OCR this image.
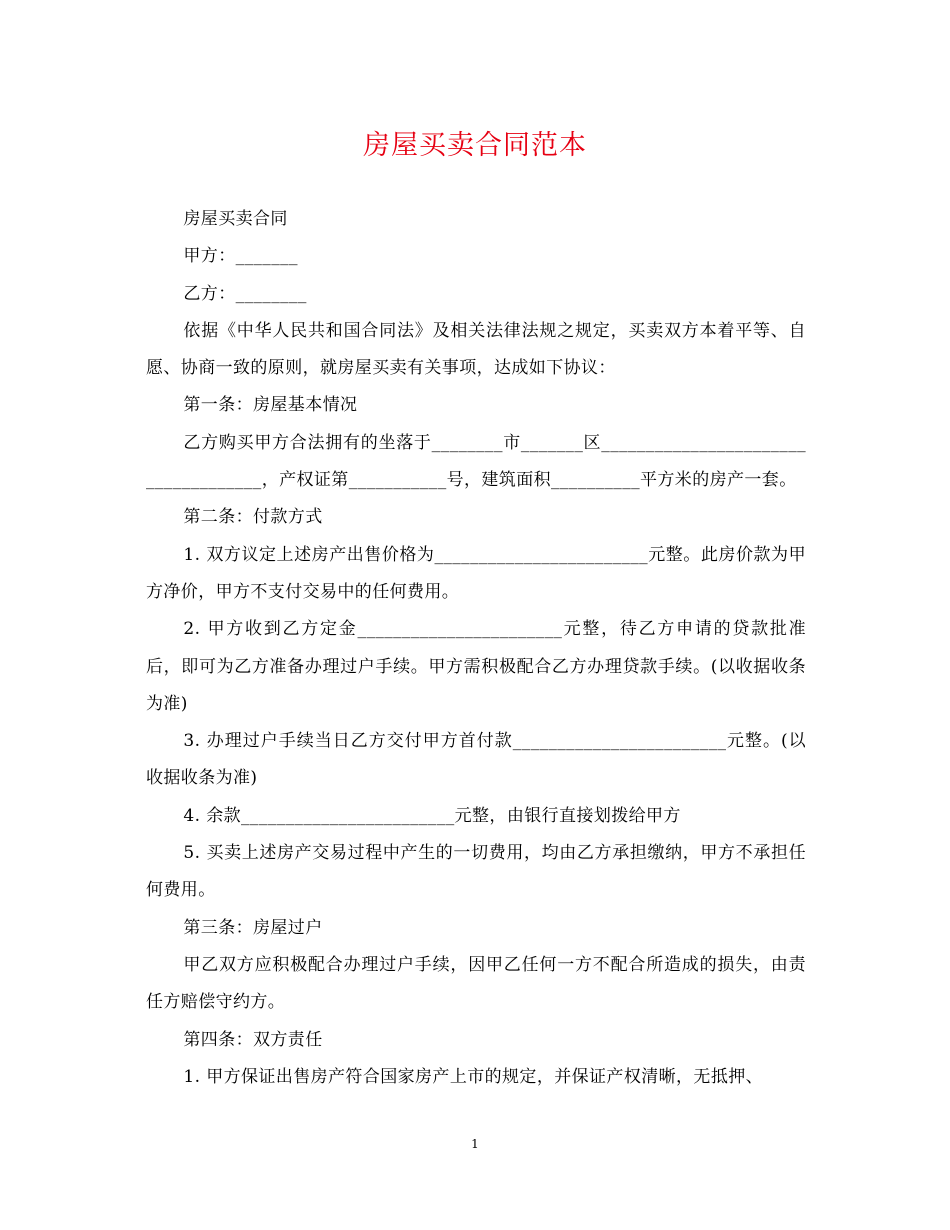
房屋买卖合同范本

房屋买卖合同

甲方：_______

乙方：________

依据《中华人民共和国合同法》及相关法律法规之规定，买卖双方本着平等、自愿、协商一致的原则，就房屋买卖有关事项，达成如下协议：

第一条：房屋基本情况

乙方购买甲方合法拥有的坐落于________市_______区____________________________________，产权证第___________号，建筑面积__________平方米的房产一套。

第二条：付款方式

1. 双方议定上述房产出售价格为________________________元整。此房价款为甲方净价，甲方不支付交易中的任何费用。

2. 甲方收到乙方定金_______________________元整，待乙方申请的贷款批准后，即可为乙方准备办理过户手续。甲方需积极配合乙方办理贷款手续。(以收据收条为准)

3. 办理过户手续当日乙方交付甲方首付款________________________元整。(以收据收条为准)

4. 余款________________________元整，由银行直接划拨给甲方

5. 买卖上述房产交易过程中产生的一切费用，均由乙方承担缴纳，甲方不承担任何费用。

第三条：房屋过户

甲乙双方应积极配合办理过户手续，因甲乙任何一方不配合所造成的损失，由责任方赔偿守约方。

第四条：双方责任

1. 甲方保证出售房产符合国家房产上市的规定，并保证产权清晰，无抵押、

1
